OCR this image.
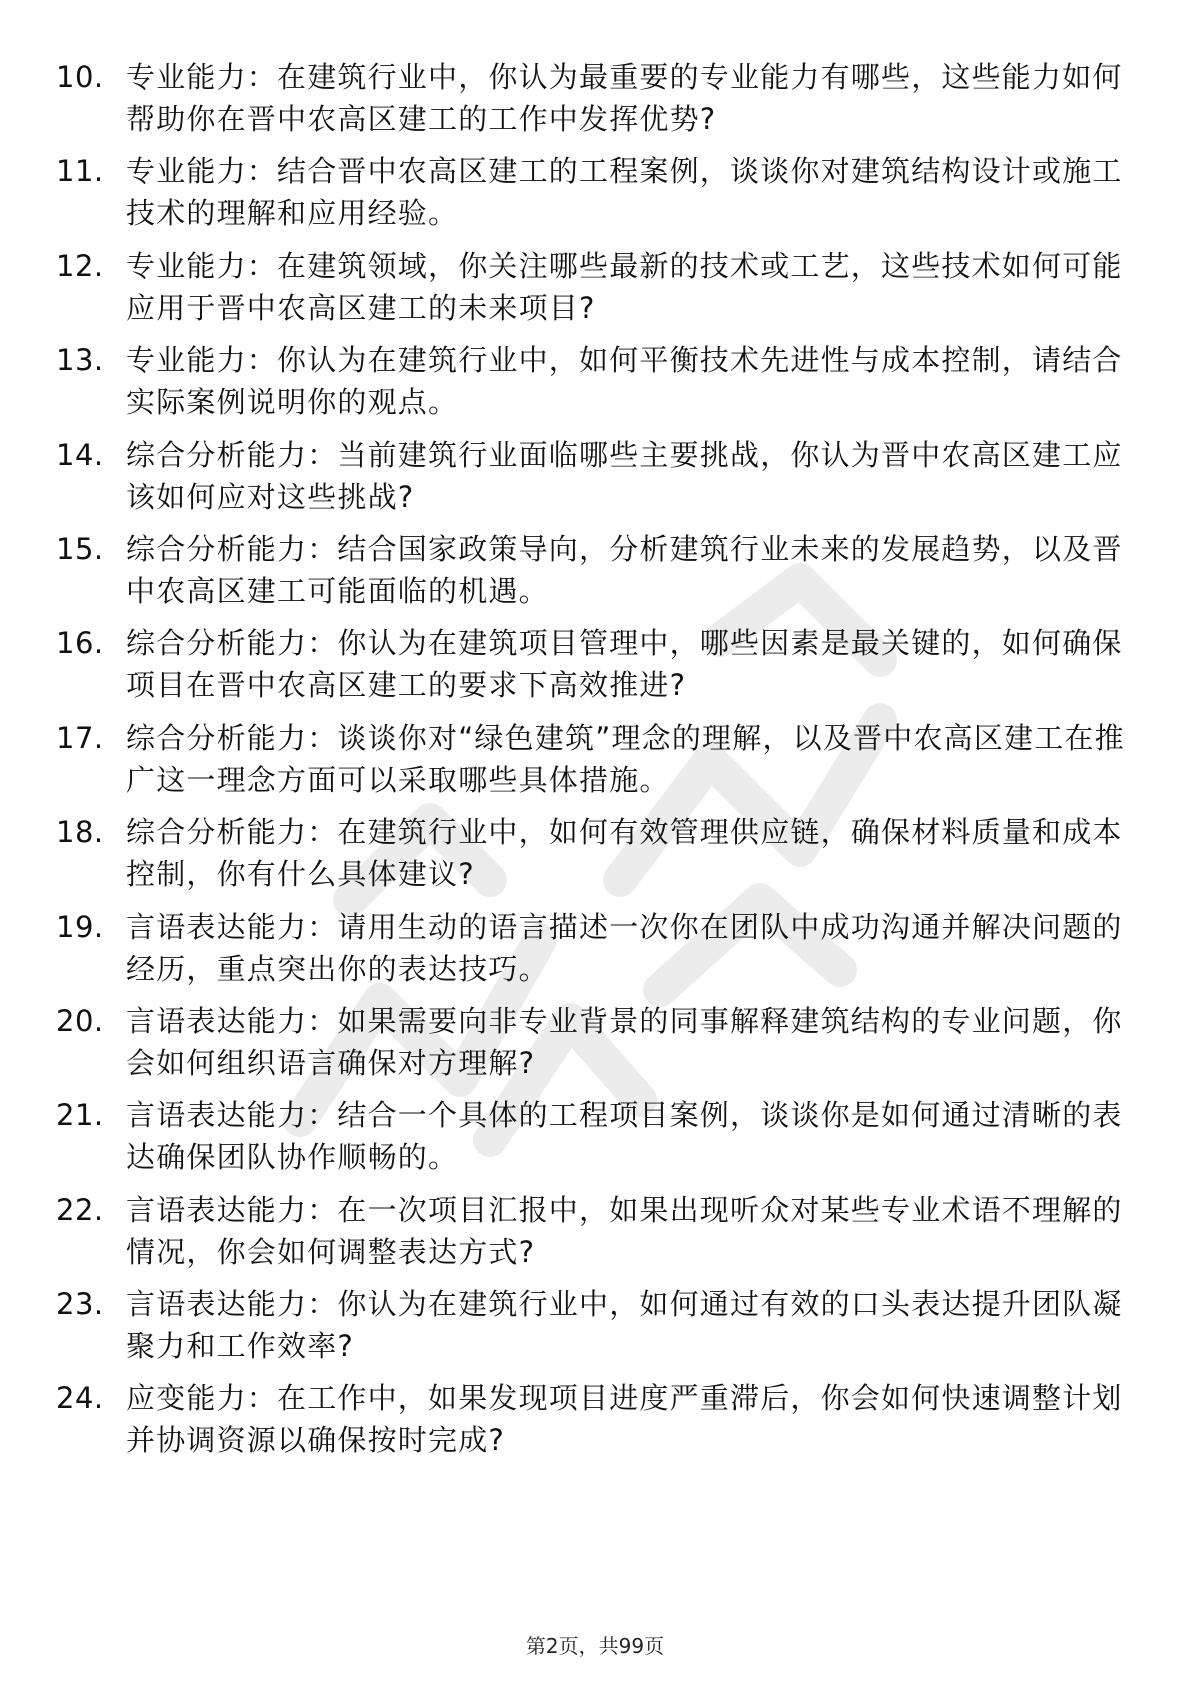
10. 专业能力：在建筑行业中，你认为最重要的专业能力有哪些，这些能力如何帮助你在晋中农高区建工的工作中发挥优势?
11. 专业能力：结合晋中农高区建工的工程案例，谈谈你对建筑结构设计或施工技术的理解和应用经验。
12. 专业能力：在建筑领域，你关注哪些最新的技术或工艺，这些技术如何可能应用于晋中农高区建工的未来项目?
13. 专业能力：你认为在建筑行业中，如何平衡技术先进性与成本控制，请结合实际案例说明你的观点。
14. 综合分析能力：当前建筑行业面临哪些主要挑战，你认为晋中农高区建工应该如何应对这些挑战?
15. 综合分析能力：结合国家政策导向，分析建筑行业未来的发展趋势，以及晋中农高区建工可能面临的机遇。
16. 综合分析能力：你认为在建筑项目管理中，哪些因素是最关键的，如何确保项目在晋中农高区建工的要求下高效推进?
17. 综合分析能力：谈谈你对“绿色建筑”理念的理解，以及晋中农高区建工在推广这一理念方面可以采取哪些具体措施。
18. 综合分析能力：在建筑行业中，如何有效管理供应链，确保材料质量和成本控制，你有什么具体建议?
19. 言语表达能力：请用生动的语言描述一次你在团队中成功沟通并解决问题的经历，重点突出你的表达技巧。
20. 言语表达能力：如果需要向非专业背景的同事解释建筑结构的专业问题，你会如何组织语言确保对方理解?
21. 言语表达能力：结合一个具体的工程项目案例，谈谈你是如何通过清晰的表达确保团队协作顺畅的。
22. 言语表达能力：在一次项目汇报中，如果出现听众对某些专业术语不理解的情况，你会如何调整表达方式?
23. 言语表达能力：你认为在建筑行业中，如何通过有效的口头表达提升团队凝聚力和工作效率?
24. 应变能力：在工作中，如果发现项目进度严重滞后，你会如何快速调整计划并协调资源以确保按时完成?
第2页，共99页
